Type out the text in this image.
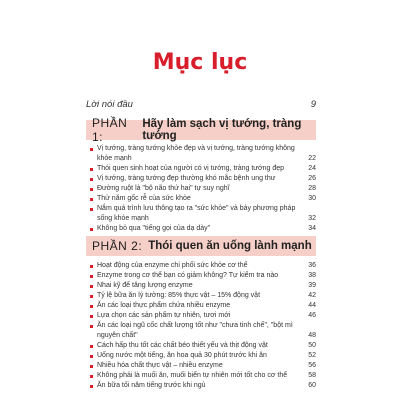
Mục lục
Lời nói đầu	9
PHẦN 1:
Hãy làm sạch vị tướng, tràng tướng
Vị tướng, tràng tướng khỏe đẹp và vị tướng, tràng tướng không khỏe mạnh	22
Thói quen sinh hoạt của người có vị tướng, tràng tướng đẹp	24
Vị tướng, tràng tướng đẹp thường khó mắc bệnh ung thư	26
Đường ruột là "bộ não thứ hai" tự suy nghĩ	28
Thử năm gốc rễ của sức khỏe	30
Nắm quá trình lưu thông tạo ra "sức khỏe" và bảy phương pháp sống khỏe mạnh	32
Không bỏ qua "tiếng gọi của dạ dày"	34
PHẦN 2: Thói quen ăn uống lành mạnh
Hoạt động của enzyme chi phối sức khỏe cơ thể	36
Enzyme trong cơ thể bạn có giảm không? Tự kiểm tra nào	38
Nhai kỹ để tăng lượng enzyme	39
Tỷ lệ bữa ăn lý tưởng: 85% thực vật – 15% động vật	42
Ăn các loại thực phẩm chứa nhiều enzyme	44
Lựa chọn các sản phẩm tự nhiên, tươi mới	46
Ăn các loại ngũ cốc chất lượng tốt như "chưa tinh chế", "bột mì nguyên chất"	48
Cách hấp thu tốt các chất béo thiết yếu và thịt động vật	50
Uống nước một tiếng, ăn hoa quả 30 phút trước khi ăn	52
Nhiều hóa chất thực vật – nhiều enzyme	56
Không phải là muối ăn, muối biển tự nhiên mới tốt cho cơ thể	58
Ăn bữa tối năm tiếng trước khi ngủ	60
